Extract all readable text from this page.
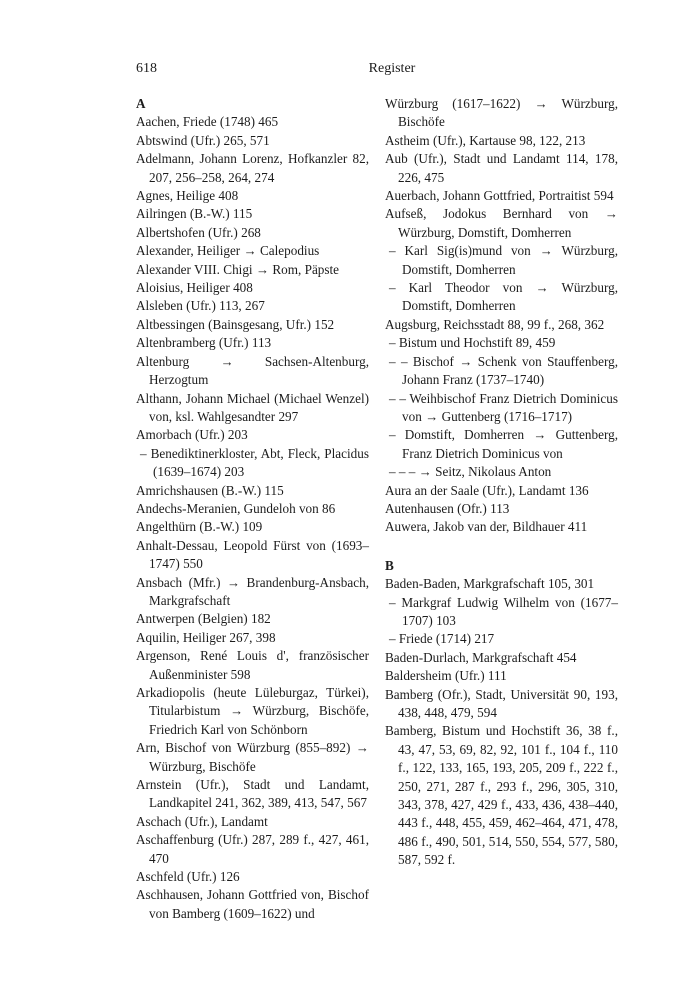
618	Register
A
Aachen, Friede (1748) 465
Abtswind (Ufr.) 265, 571
Adelmann, Johann Lorenz, Hofkanzler 82, 207, 256–258, 264, 274
Agnes, Heilige 408
Ailringen (B.-W.) 115
Albertshofen (Ufr.) 268
Alexander, Heiliger → Calepodius
Alexander VIII. Chigi → Rom, Päpste
Aloisius, Heiliger 408
Alsleben (Ufr.) 113, 267
Altbessingen (Bainsgesang, Ufr.) 152
Altenbramberg (Ufr.) 113
Altenburg → Sachsen-Altenburg, Herzogtum
Althann, Johann Michael (Michael Wenzel) von, ksl. Wahlgesandter 297
Amorbach (Ufr.) 203
– Benediktinerkloster, Abt, Fleck, Placidus (1639–1674) 203
Amrichshausen (B.-W.) 115
Andechs-Meranien, Gundeloh von 86
Angelthürn (B.-W.) 109
Anhalt-Dessau, Leopold Fürst von (1693–1747) 550
Ansbach (Mfr.) → Brandenburg-Ansbach, Markgrafschaft
Antwerpen (Belgien) 182
Aquilin, Heiliger 267, 398
Argenson, René Louis d', französischer Außenminister 598
Arkadiopolis (heute Lüleburgaz, Türkei), Titularbistum → Würzburg, Bischöfe, Friedrich Karl von Schönborn
Arn, Bischof von Würzburg (855–892) → Würzburg, Bischöfe
Arnstein (Ufr.), Stadt und Landamt, Landkapitel 241, 362, 389, 413, 547, 567
Aschach (Ufr.), Landamt
Aschaffenburg (Ufr.) 287, 289 f., 427, 461, 470
Aschfeld (Ufr.) 126
Aschhausen, Johann Gottfried von, Bischof von Bamberg (1609–1622) und
Würzburg (1617–1622) → Würzburg, Bischöfe
Astheim (Ufr.), Kartause 98, 122, 213
Aub (Ufr.), Stadt und Landamt 114, 178, 226, 475
Auerbach, Johann Gottfried, Portraitist 594
Aufseß, Jodokus Bernhard von → Würzburg, Domstift, Domherren
– Karl Sig(is)mund von → Würzburg, Domstift, Domherren
– Karl Theodor von → Würzburg, Domstift, Domherren
Augsburg, Reichsstadt 88, 99 f., 268, 362
– Bistum und Hochstift 89, 459
– – Bischof → Schenk von Stauffenberg, Johann Franz (1737–1740)
– – Weihbischof Franz Dietrich Dominicus von → Guttenberg (1716–1717)
– Domstift, Domherren → Guttenberg, Franz Dietrich Dominicus von
– – – → Seitz, Nikolaus Anton
Aura an der Saale (Ufr.), Landamt 136
Autenhausen (Ofr.) 113
Auwera, Jakob van der, Bildhauer 411
B
Baden-Baden, Markgrafschaft 105, 301
– Markgraf Ludwig Wilhelm von (1677–1707) 103
– Friede (1714) 217
Baden-Durlach, Markgrafschaft 454
Baldersheim (Ufr.) 111
Bamberg (Ofr.), Stadt, Universität 90, 193, 438, 448, 479, 594
Bamberg, Bistum und Hochstift 36, 38 f., 43, 47, 53, 69, 82, 92, 101 f., 104 f., 110 f., 122, 133, 165, 193, 205, 209 f., 222 f., 250, 271, 287 f., 293 f., 296, 305, 310, 343, 378, 427, 429 f., 433, 436, 438–440, 443 f., 448, 455, 459, 462–464, 471, 478, 486 f., 490, 501, 514, 550, 554, 577, 580, 587, 592 f.
